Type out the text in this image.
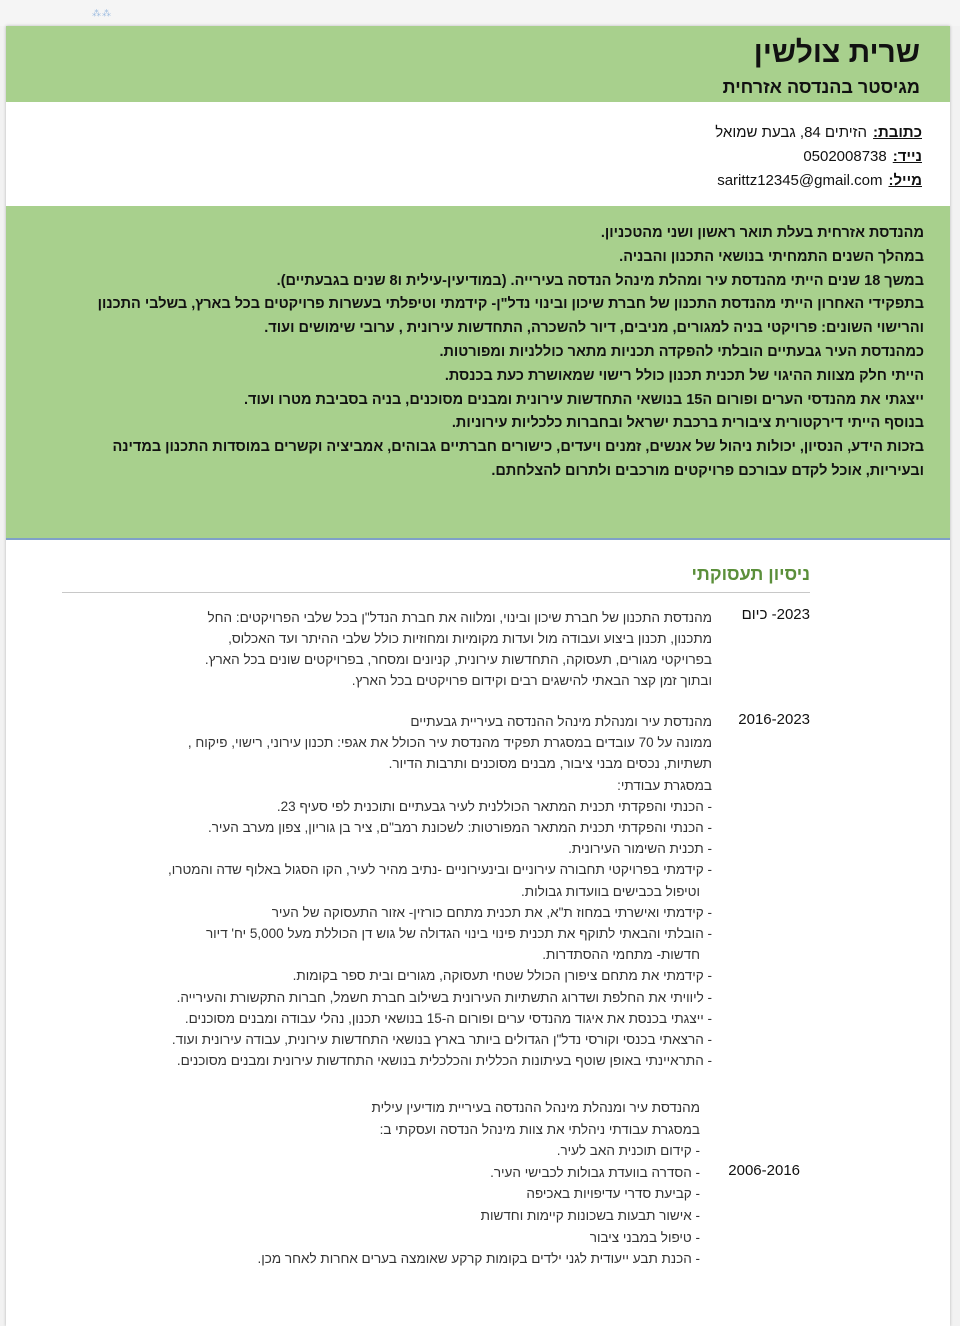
⁂⁂
שרית צולשין
מגיסטר בהנדסה אזרחית
כתובת:הזיתים 84, גבעת שמואל
נייד:0502008738
מייל:sarittz12345@gmail.com
מהנדסת אזרחית בעלת תואר ראשון ושני מהטכניון.
במהלך השנים התמחיתי בנושאי התכנון והבניה.
במשך 18 שנים הייתי מהנדסת עיר ומהלת מינהל הנדסה בעירייה. (במודיעין-עילית ו8 שנים בגבעתיים).
בתפקידי האחרון הייתי מהנדסת התכנון של חברת שיכון ובינוי נדל"ן- קידמתי וטיפלתי בעשרות פרויקטים בכל בארץ, בשלבי התכנון
והרישוי השונים: פרויקטי בניה למגורים, מניבים, דיור להשכרה, התחדשות עירונית , ערובי שימושים ועוד.
כמהנדסת העיר גבעתיים הובלתי להפקדה תכניות מתאר כוללניות ומפורטות.
הייתי חלק מצוות ההיגוי של תכנית תכנון כולל רישוי שמאושרת כעת בכנסת.
ייצגתי את מהנדסי הערים ופורום ה15 בנושאי התחדשות עירונית ומבנים מסוכנים, בניה בסביבת מטרו ועוד.
בנוסף הייתי דירקטורית ציבורית ברכבת ישראל ובחברות כלכליות עירוניות.
בזכות הידע, הנסיון, יכולות ניהול של אנשים, זמנים ויעדים, כישורים חברתיים גבוהים, אמביציה וקשרים במוסדות התכנון במדינה
ובעיריות, אוכל לקדם עבורכם פרויקטים מורכבים ולתרום להצלחתם.
ניסיון תעסוקתי
2023- כיום
מהנדסת התכנון של חברת שיכון ובינוי, ומלווה את חברת הנדל"ן בכל שלבי הפרויקטים: החל
מתכנון, תכנון ביצוע ועבודה מול ועדות מקומיות ומחוזיות כולל שלבי ההיתר ועד האכלוס,
בפרויקטי מגורים, תעסוקה, התחדשות עירונית, קניונים ומסחר, בפרויקטים שונים בכל הארץ.
ובתוך זמן קצר הבאתי להישגים רבים וקידום פרויקטים בכל הארץ.
2016-2023
מהנדסת עיר ומנהלת מינהל ההנדסה בעיריית גבעתיים
ממונה על 70 עובדים במסגרת תפקיד מהנדסת עיר הכולל את אגפי: תכנון עירוני, רישוי, פיקוח ,
תשתיות, נכסים מבני ציבור, מבנים מסוכנים ותרבות הדיור.
במסגרת עבודתי:
- הכנתי והפקדתי תכנית המתאר הכוללנית לעיר גבעתיים ותוכנית לפי סעיף 23.
- הכנתי והפקדתי תכנית המתאר המפורטות: לשכונת רמב"ם, ציר בן גוריון, צפון מערב העיר.
- תכנית השימור העירונית.
- קידמתי בפרויקטי תחבורה עירוניים ובינעירוניים -נתיב מהיר לעיר, הקו הסגול באלוף שדה והמטרו,
וטיפול בכבישים בוועדות גבולות.
- קידמתי ואישרתי במחוז ת"א, את תכנית מתחם כורזין- אזור התעסוקה של העיר
- הובלתי והבאתי לתוקף את תכנית פינוי בינוי הגדולה של גוש דן הכוללת מעל 5,000 יח' דיור
חדשות- מתחמי ההסתדרות.
- קידמתי את מתחם ציפורן הכולל שטחי תעסוקה, מגורים ובית ספר בקומות.
- ליוויתי את החלפת ושדרוג התשתיות העירונית בשילוב חברת חשמל, חברות התקשורת והעירייה.
- ייצגתי בכנסת את איגוד מהנדסי ערים ופורום ה-15 בנושאי תכנון, נהלי עבודה ומבנים מסוכנים.
- הרצאתי בכנסי וקורסי נדל"ן הגדולים ביותר בארץ בנושאי התחדשות עירונית, עבודה עירונית ועוד.
- התראיינתי באופן שוטף בעיתונות הכללית והכלכלית בנושאי התחדשות עירונית ומבנים מסוכנים.
2006-2016
מהנדסת עיר ומנהלת מינהל ההנדסה בעיריית מודיעין עילית
במסגרת עבודתי ניהלתי את צוות מינהל הנדסה ועסקתי ב:
- קידום תוכנית האב לעיר.
- הסדרה בוועדת גבולות לכבישי העיר.
- קביעת סדרי עדיפויות באכיפה
- אישור תבעות בשכונות קיימות וחדשות
- טיפול במבני ציבור
- הכנת תבע ייעודית לגני ילדים בקומות קרקע שאומצה בערים אחרות לאחר מכן.
